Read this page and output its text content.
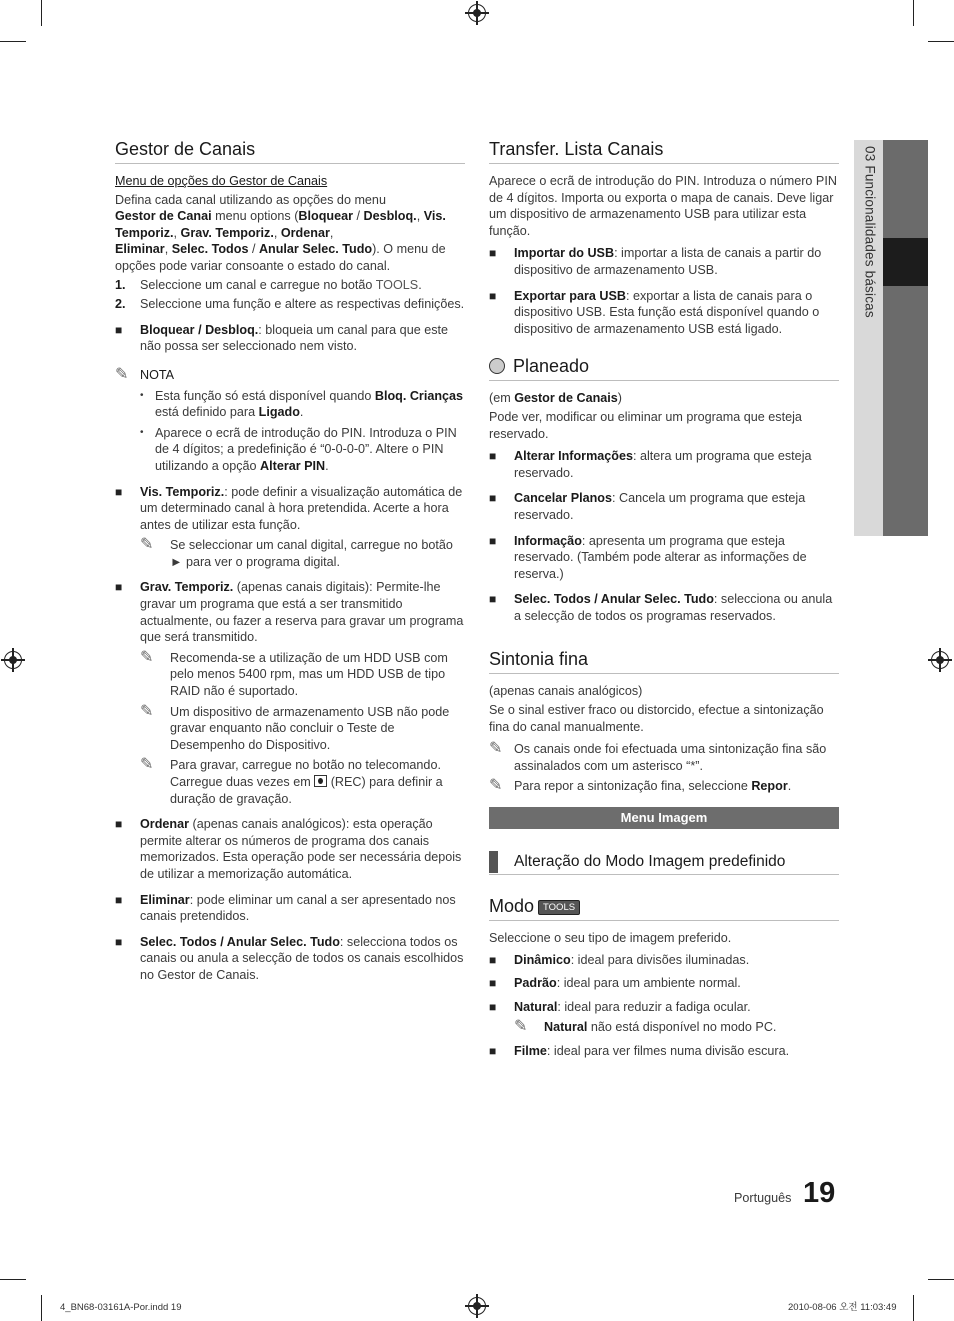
Gestor de Canais

Menu de opções do Gestor de Canais

Defina cada canal utilizando as opções do menu
Gestor de Canai menu options (Bloquear / Desbloq., Vis. Temporiz., Grav. Temporiz., Ordenar,
Eliminar, Selec. Todos / Anular Selec. Tudo). O menu de opções pode variar consoante o estado do canal.

1.	Seleccione um canal e carregue no botão TOOLS.
2.	Seleccione uma função e altere as respectivas definições.
■	Bloquear / Desbloq.: bloqueia um canal para que este não possa ser seleccionado nem visto.
✎ NOTA
• Esta função só está disponível quando Bloq. Crianças está definido para Ligado.
• Aparece o ecrã de introdução do PIN. Introduza o PIN de 4 dígitos; a predefinição é “0-0-0-0”. Altere o PIN utilizando a opção Alterar PIN.
■	Vis. Temporiz.: pode definir a visualização automática de um determinado canal à hora pretendida. Acerte a hora antes de utilizar esta função.
✎	Se seleccionar um canal digital, carregue no botão ► para ver o programa digital.
■	Grav. Temporiz. (apenas canais digitais): Permite-lhe gravar um programa que está a ser transmitido actualmente, ou fazer a reserva para gravar um programa que será transmitido.
✎	Recomenda-se a utilização de um HDD USB com pelo menos 5400 rpm, mas um HDD USB de tipo RAID não é suportado.
✎	Um dispositivo de armazenamento USB não pode gravar enquanto não concluir o Teste de Desempenho do Dispositivo.
✎	Para gravar, carregue no botão no telecomando. Carregue duas vezes em
(REC) para definir a duração de gravação.
■	Ordenar (apenas canais analógicos): esta operação permite alterar os números de programa dos canais memorizados. Esta operação pode ser necessária depois de utilizar a memorização automática.
■	Eliminar: pode eliminar um canal a ser apresentado nos canais pretendidos.
■	Selec. Todos / Anular Selec. Tudo: selecciona todos os canais ou anula a selecção de todos os canais escolhidos no Gestor de Canais.
Transfer. Lista Canais

Aparece o ecrã de introdução do PIN. Introduza o número PIN de 4 dígitos. Importa ou exporta o mapa de canais. Deve ligar um dispositivo de armazenamento USB para utilizar esta função.

■	Importar do USB: importar a lista de canais a partir do dispositivo de armazenamento USB.
■	Exportar para USB: exportar a lista de canais para o dispositivo USB. Esta função está disponível quando o dispositivo de armazenamento USB está ligado.
Planeado

(em Gestor de Canais)

Pode ver, modificar ou eliminar um programa que esteja reservado.

■	Alterar Informações: altera um programa que esteja reservado.
■	Cancelar Planos: Cancela um programa que esteja reservado.
■	Informação: apresenta um programa que esteja reservado. (Também pode alterar as informações de reserva.)
■	Selec. Todos / Anular Selec. Tudo: selecciona ou anula a selecção de todos os programas reservados.
Sintonia fina

(apenas canais analógicos)

Se o sinal estiver fraco ou distorcido, efectue a sintonização fina do canal manualmente.

✎ Os canais onde foi efectuada uma sintonização fina são assinalados com um asterisco “*”.
✎ Para repor a sintonização fina, seleccione Repor.
Menu Imagem
Alteração do Modo Imagem predefinido
Modo TOOLS

Seleccione o seu tipo de imagem preferido.

■	Dinâmico: ideal para divisões iluminadas.
■	Padrão: ideal para um ambiente normal.
■	Natural: ideal para reduzir a fadiga ocular.
✎	Natural não está disponível no modo PC.
■	Filme: ideal para ver filmes numa divisão escura.
03 Funcionalidades básicas
Português 19
4_BN68-03161A-Por.indd 19	2010-08-06 오전 11:03:49
